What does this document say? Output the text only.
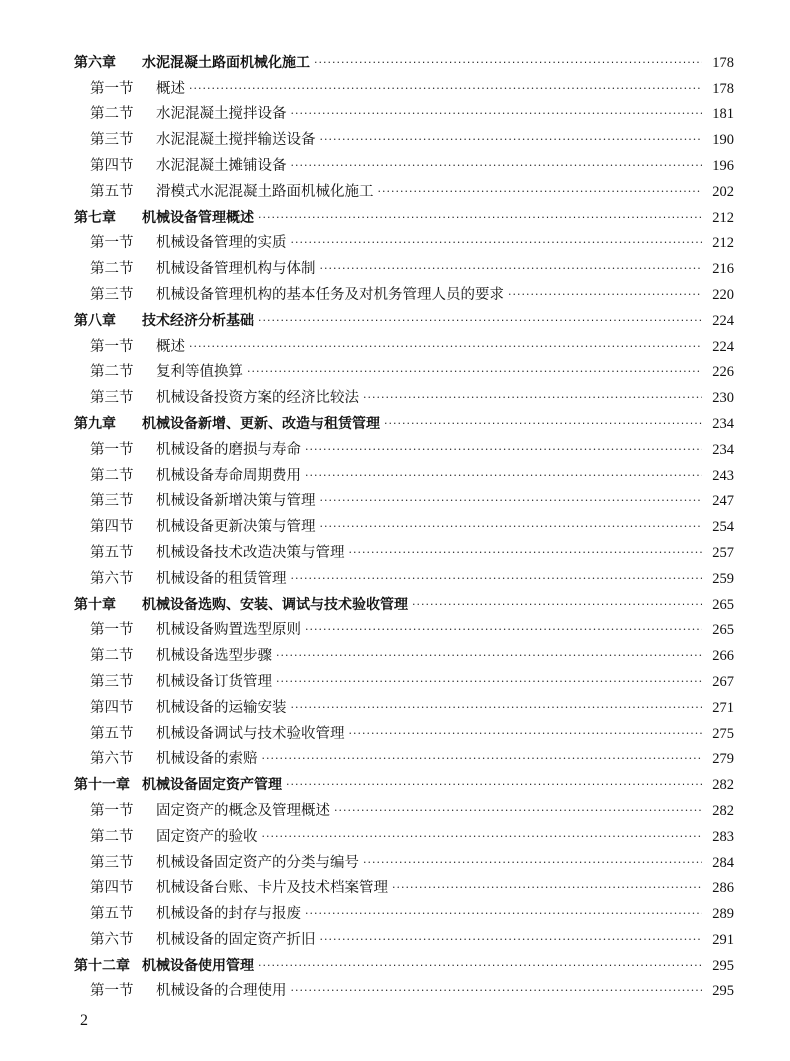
第六章	水泥混凝土路面机械化施工 ·····	178
第一节	概述 ·····	178
第二节	水泥混凝土搅拌设备 ·····	181
第三节	水泥混凝土搅拌输送设备 ·····	190
第四节	水泥混凝土摊铺设备 ·····	196
第五节	滑模式水泥混凝土路面机械化施工 ·····	202
第七章	机械设备管理概述 ·····	212
第一节	机械设备管理的实质 ·····	212
第二节	机械设备管理机构与体制 ·····	216
第三节	机械设备管理机构的基本任务及对机务管理人员的要求 ·····	220
第八章	技术经济分析基础 ·····	224
第一节	概述 ·····	224
第二节	复利等值换算 ·····	226
第三节	机械设备投资方案的经济比较法 ·····	230
第九章	机械设备新增、更新、改造与租赁管理 ·····	234
第一节	机械设备的磨损与寿命 ·····	234
第二节	机械设备寿命周期费用 ·····	243
第三节	机械设备新增决策与管理 ·····	247
第四节	机械设备更新决策与管理 ·····	254
第五节	机械设备技术改造决策与管理 ·····	257
第六节	机械设备的租赁管理 ·····	259
第十章	机械设备选购、安装、调试与技术验收管理 ·····	265
第一节	机械设备购置选型原则 ·····	265
第二节	机械设备选型步骤 ·····	266
第三节	机械设备订货管理 ·····	267
第四节	机械设备的运输安装 ·····	271
第五节	机械设备调试与技术验收管理 ·····	275
第六节	机械设备的索赔 ·····	279
第十一章 机械设备固定资产管理 ·····	282
第一节	固定资产的概念及管理概述 ·····	282
第二节	固定资产的验收 ·····	283
第三节	机械设备固定资产的分类与编号 ·····	284
第四节	机械设备台账、卡片及技术档案管理 ·····	286
第五节	机械设备的封存与报废 ·····	289
第六节	机械设备的固定资产折旧 ·····	291
第十二章 机械设备使用管理 ·····	295
第一节	机械设备的合理使用 ·····	295
2
